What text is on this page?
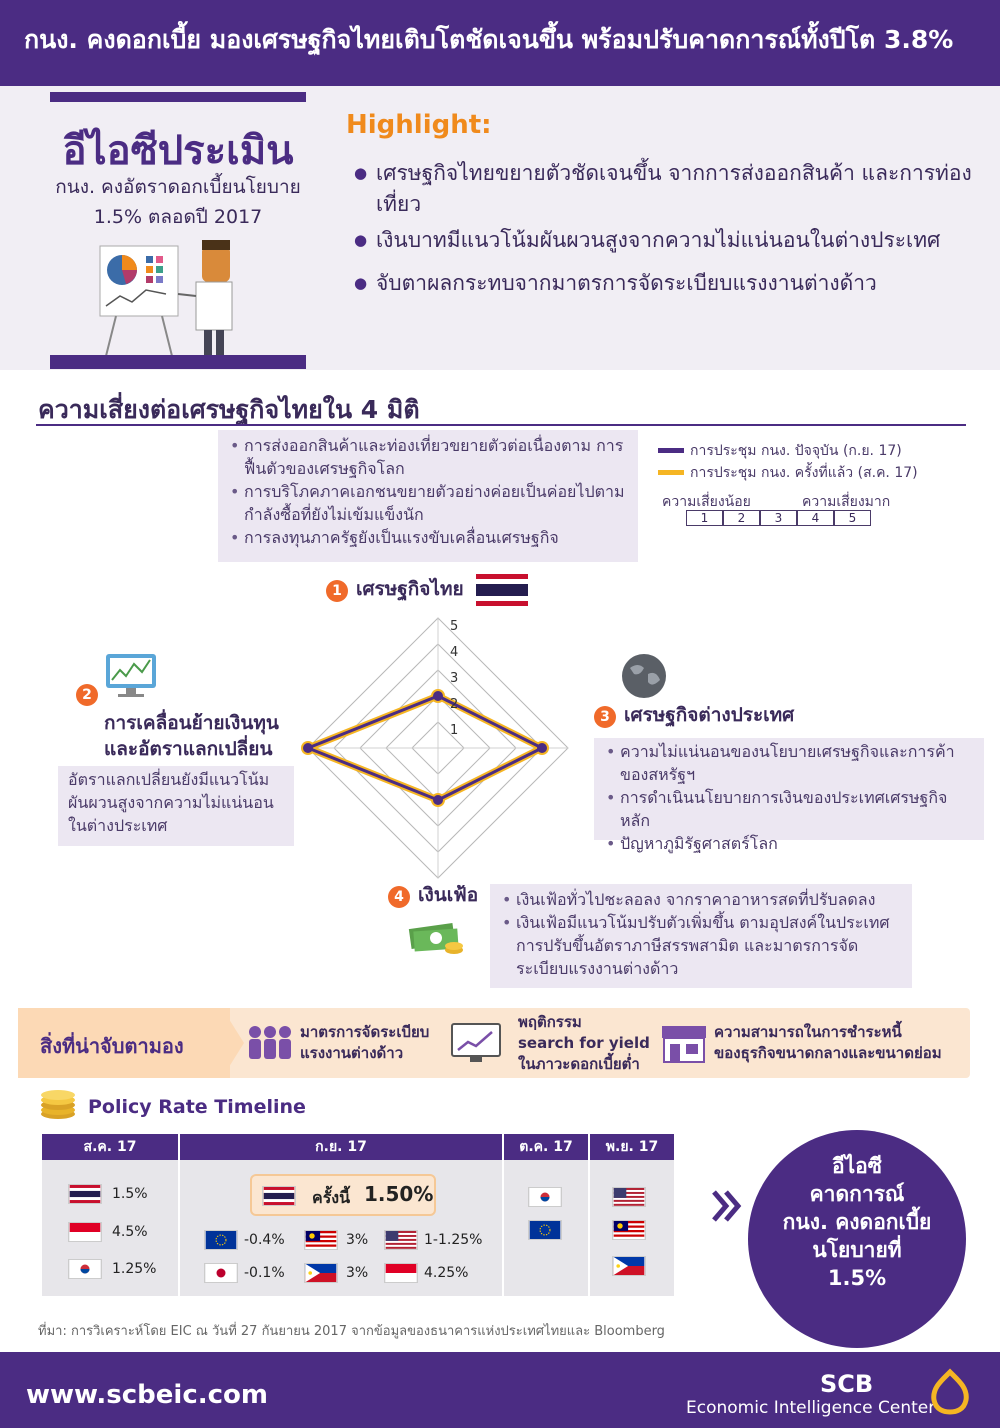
กนง. คงดอกเบี้ย มองเศรษฐกิจไทยเติบโตชัดเจนขึ้น พร้อมปรับคาดการณ์ทั้งปีโต 3.8%
อีไอซีประเมิน
กนง. คงอัตราดอกเบี้ยนโยบาย
1.5% ตลอดปี 2017
Highlight:
● เศรษฐกิจไทยขยายตัวชัดเจนขึ้น จากการส่งออกสินค้า และการท่องเที่ยว
● เงินบาทมีแนวโน้มผันผวนสูงจากความไม่แน่นอนในต่างประเทศ
● จับตาผลกระทบจากมาตรการจัดระเบียบแรงงานต่างด้าว
ความเสี่ยงต่อเศรษฐกิจไทยใน 4 มิติ
• การส่งออกสินค้าและท่องเที่ยวขยายตัวต่อเนื่องตาม การฟื้นตัวของเศรษฐกิจโลก
• การบริโภคภาคเอกชนขยายตัวอย่างค่อยเป็นค่อยไปตาม กำลังซื้อที่ยังไม่เข้มแข็งนัก
• การลงทุนภาครัฐยังเป็นแรงขับเคลื่อนเศรษฐกิจ
การประชุม กนง. ปัจจุบัน (ก.ย. 17)
การประชุม กนง. ครั้งที่แล้ว (ส.ค. 17)
ความเสี่ยงน้อย	ความเสี่ยงมาก
1	2	3	4	5
1 เศรษฐกิจไทย
2
การเคลื่อนย้ายเงินทุน
และอัตราแลกเปลี่ยน
อัตราแลกเปลี่ยนยังมีแนวโน้ม ผันผวนสูงจากความไม่แน่นอน ในต่างประเทศ
3 เศรษฐกิจต่างประเทศ
• ความไม่แน่นอนของนโยบายเศรษฐกิจและการค้า ของสหรัฐฯ
• การดำเนินนโยบายการเงินของประเทศเศรษฐกิจหลัก
• ปัญหาภูมิรัฐศาสตร์โลก
4 เงินเฟ้อ
•	เงินเฟ้อทั่วไปชะลอลง จากราคาอาหารสดที่ปรับลดลง
• เงินเฟ้อมีแนวโน้มปรับตัวเพิ่มขึ้น ตามอุปสงค์ในประเทศ การปรับขึ้นอัตราภาษีสรรพสามิต และมาตรการจัด ระเบียบแรงงานต่างด้าว
1
2
3
4
5
สิ่งที่น่าจับตามอง
มาตรการจัดระเบียบ
แรงงานต่างด้าว
พฤติกรรม
search for yield
ในภาวะดอกเบี้ยต่ำ
ความสามารถในการชำระหนี้
ของธุรกิจขนาดกลางและขนาดย่อม
Policy Rate Timeline
ส.ค. 17	ก.ย. 17	ต.ค. 17	พ.ย. 17
1.5%
4.5%
1.25%
ครั้งนี้ 1.50%
-0.4%	3%	1-1.25%
-0.1%	3%	4.25%
อีไอซี
คาดการณ์
กนง. คงดอกเบี้ย
นโยบายที่
1.5%
ที่มา: การวิเคราะห์โดย EIC ณ วันที่ 27 กันยายน 2017 จากข้อมูลของธนาคารแห่งประเทศไทยและ Bloomberg
www.scbeic.com	SCB
Economic Intelligence Center
